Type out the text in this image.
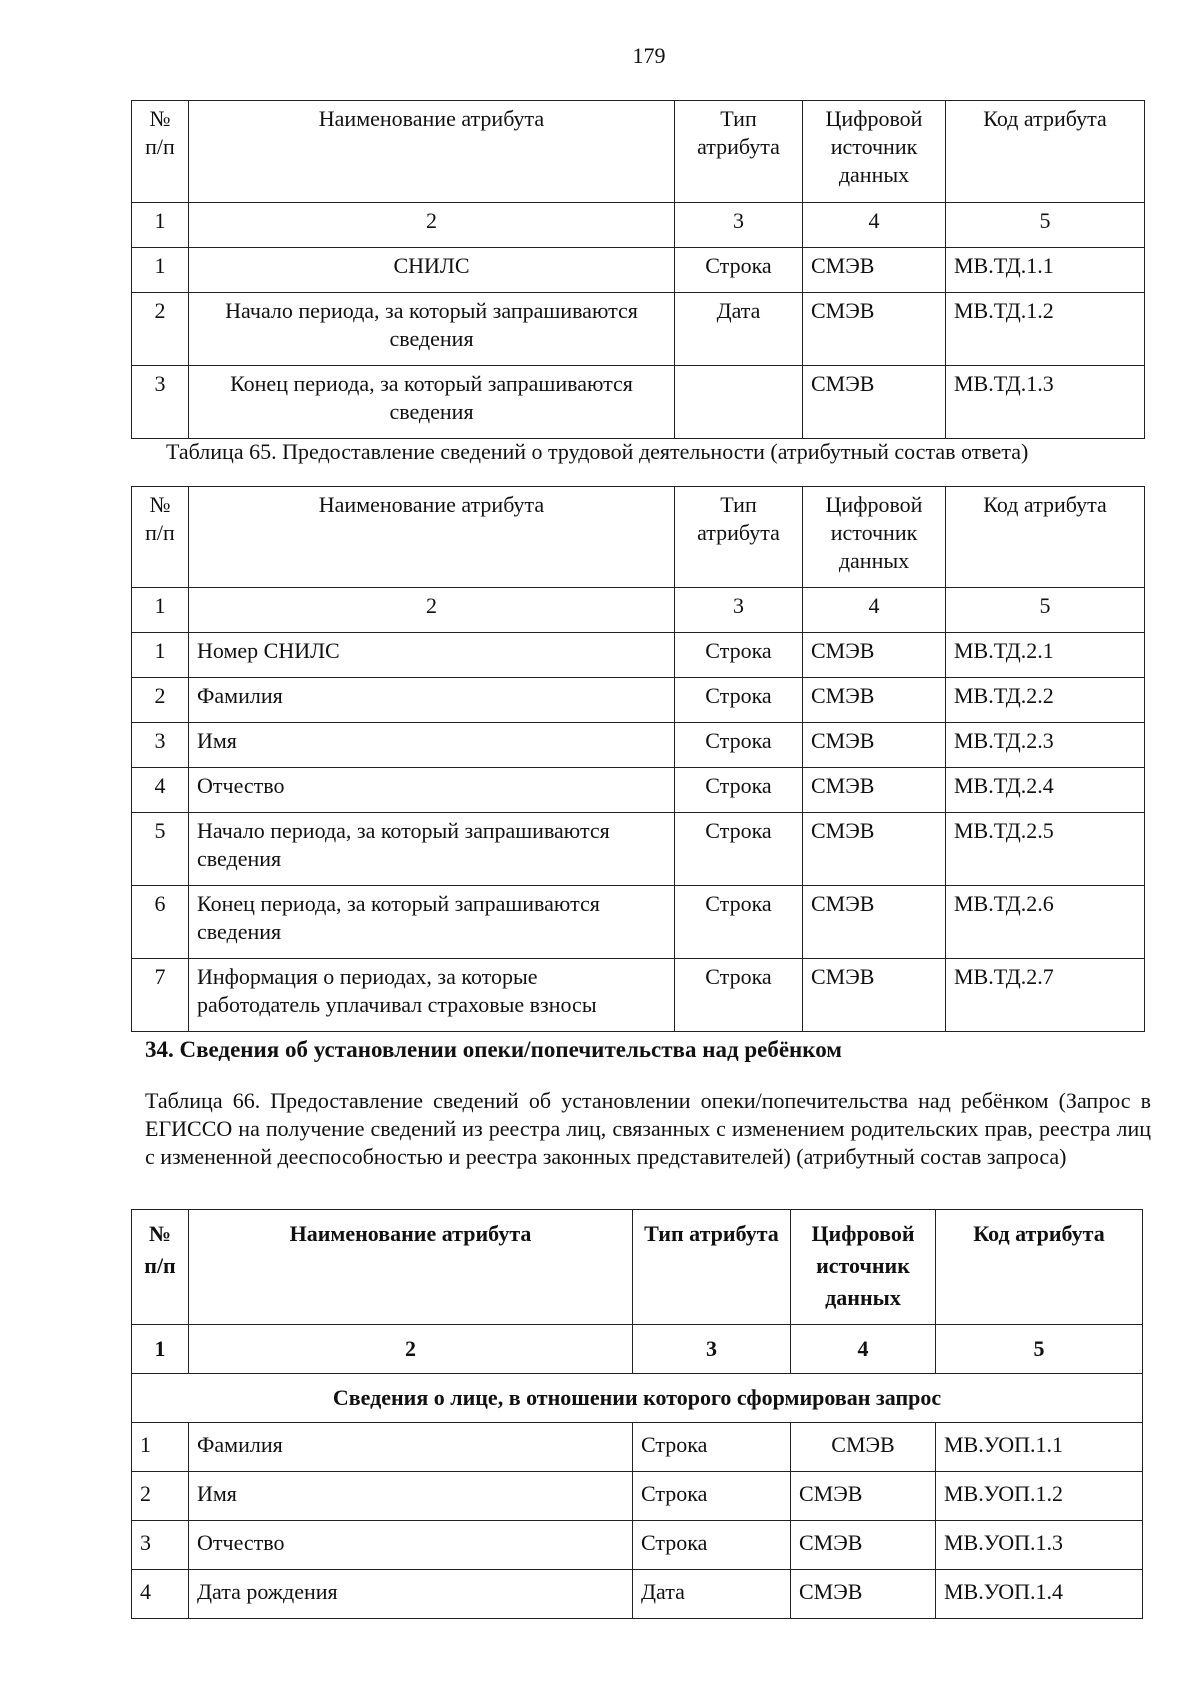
179
№ п/п	Наименование атрибута	Тип атрибута	Цифровой источник данных	Код атрибута
1	2	3	4	5
1	СНИЛС	Строка	СМЭВ	МВ.ТД.1.1
2	Начало периода, за который запрашиваются сведения	Дата	СМЭВ	МВ.ТД.1.2
3	Конец периода, за который запрашиваются сведения		СМЭВ	МВ.ТД.1.3
Таблица 65. Предоставление сведений о трудовой деятельности (атрибутный состав ответа)
№ п/п	Наименование атрибута	Тип атрибута	Цифровой источник данных	Код атрибута
1	2	3	4	5
1	Номер СНИЛС	Строка	СМЭВ	МВ.ТД.2.1
2	Фамилия	Строка	СМЭВ	МВ.ТД.2.2
3	Имя	Строка	СМЭВ	МВ.ТД.2.3
4	Отчество	Строка	СМЭВ	МВ.ТД.2.4
5	Начало периода, за который запрашиваются сведения	Строка	СМЭВ	МВ.ТД.2.5
6	Конец периода, за который запрашиваются сведения	Строка	СМЭВ	МВ.ТД.2.6
7	Информация о периодах, за которые работодатель уплачивал страховые взносы	Строка	СМЭВ	МВ.ТД.2.7
34. Сведения об установлении опеки/попечительства над ребёнком
Таблица 66. Предоставление сведений об установлении опеки/попечительства над ребёнком (Запрос в ЕГИССО на получение сведений из реестра лиц, связанных с изменением родительских прав, реестра лиц с измененной дееспособностью и реестра законных представителей) (атрибутный состав запроса)
№ п/п	Наименование атрибута	Тип атрибута	Цифровой источник данных	Код атрибута
1	2	3	4	5
Сведения о лице, в отношении которого сформирован запрос				
1	Фамилия	Строка	СМЭВ	МВ.УОП.1.1
2	Имя	Строка	СМЭВ	МВ.УОП.1.2
3	Отчество	Строка	СМЭВ	МВ.УОП.1.3
4	Дата рождения	Дата	СМЭВ	МВ.УОП.1.4
